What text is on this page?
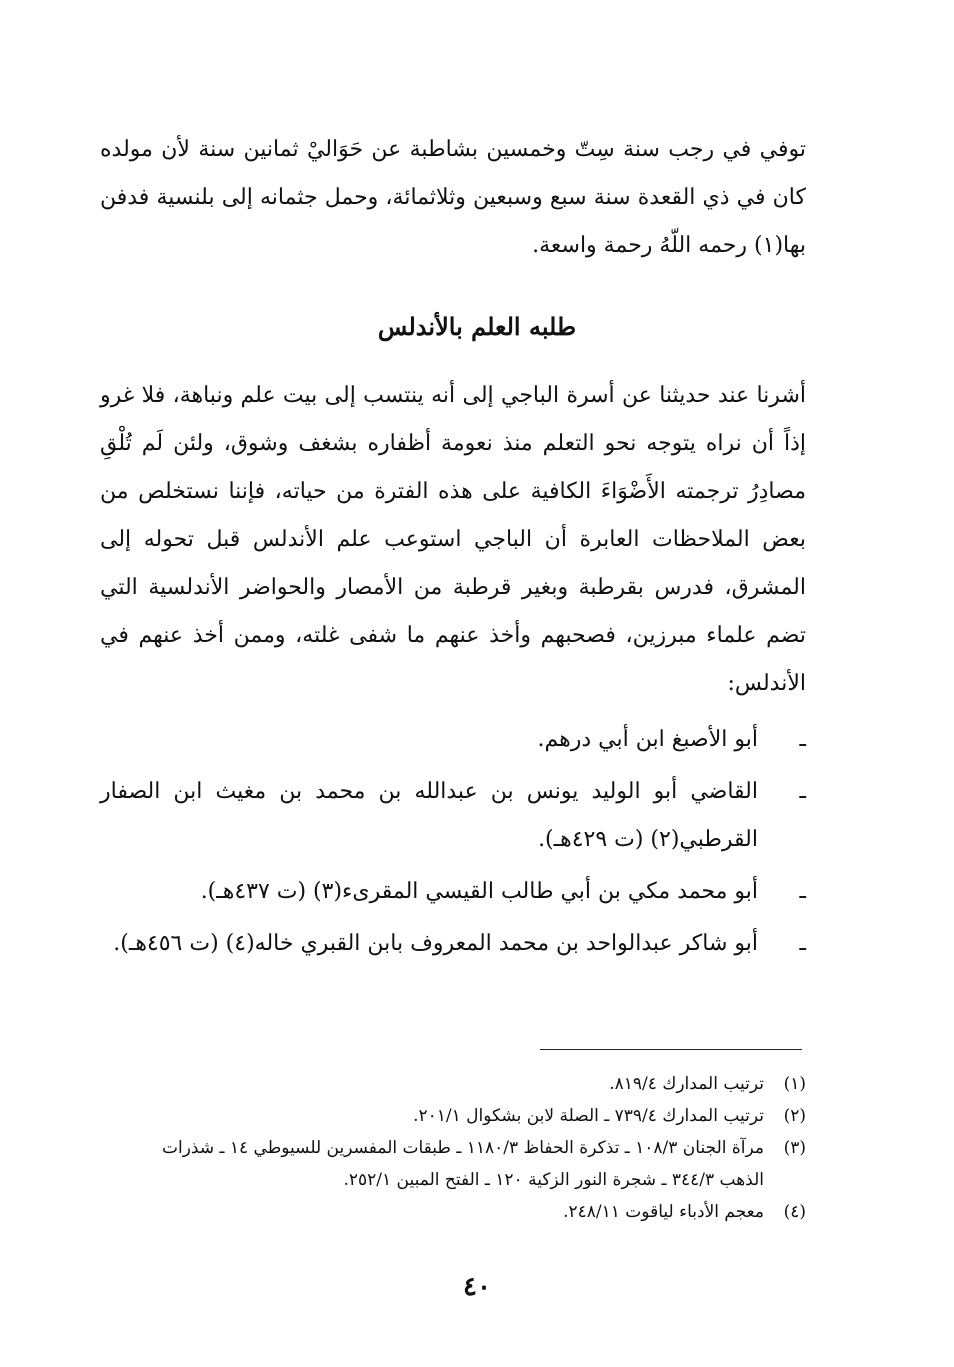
توفي في رجب سنة سِتّ وخمسين بشاطبة عن حَوَاليْ ثمانين سنة لأن مولده كان في ذي القعدة سنة سبع وسبعين وثلاثمائة، وحمل جثمانه إلى بلنسية فدفن بها(١) رحمه اللّهُ رحمة واسعة.

طلبه العلم بالأندلس

أشرنا عند حديثنا عن أسرة الباجي إلى أنه ينتسب إلى بيت علم ونباهة، فلا غرو إذاً أن نراه يتوجه نحو التعلم منذ نعومة أظفاره بشغف وشوق، ولئن لَم تُلْقِ مصادِرُ ترجمته الأَضْوَاءَ الكافية على هذه الفترة من حياته، فإننا نستخلص من بعض الملاحظات العابرة أن الباجي استوعب علم الأندلس قبل تحوله إلى المشرق، فدرس بقرطبة وبغير قرطبة من الأمصار والحواضر الأندلسية التي تضم علماء مبرزين، فصحبهم وأخذ عنهم ما شفى غلته، وممن أخذ عنهم في الأندلس:

ـ
أبو الأصبغ ابن أبي درهم.
ـ
القاضي أبو الوليد يونس بن عبدالله بن محمد بن مغيث ابن الصفار القرطبي(٢) (ت ٤٢٩هـ).
ـ
أبو محمد مكي بن أبي طالب القيسي المقرىء(٣) (ت ٤٣٧هـ).
ـ
أبو شاكر عبدالواحد بن محمد المعروف بابن القبري خاله(٤) (ت ٤٥٦هـ).
(١)
ترتيب المدارك ٨١٩/٤.
(٢)
ترتيب المدارك ٧٣٩/٤ ـ الصلة لابن بشكوال ٢٠١/١.
(٣)
مرآة الجنان ١٠٨/٣ ـ تذكرة الحفاظ ١١٨٠/٣ ـ طبقات المفسرين للسيوطي ١٤ ـ شذرات الذهب ٣٤٤/٣ ـ شجرة النور الزكية ١٢٠ ـ الفتح المبين ٢٥٢/١.
(٤)
معجم الأدباء لياقوت ٢٤٨/١١.
٤٠
